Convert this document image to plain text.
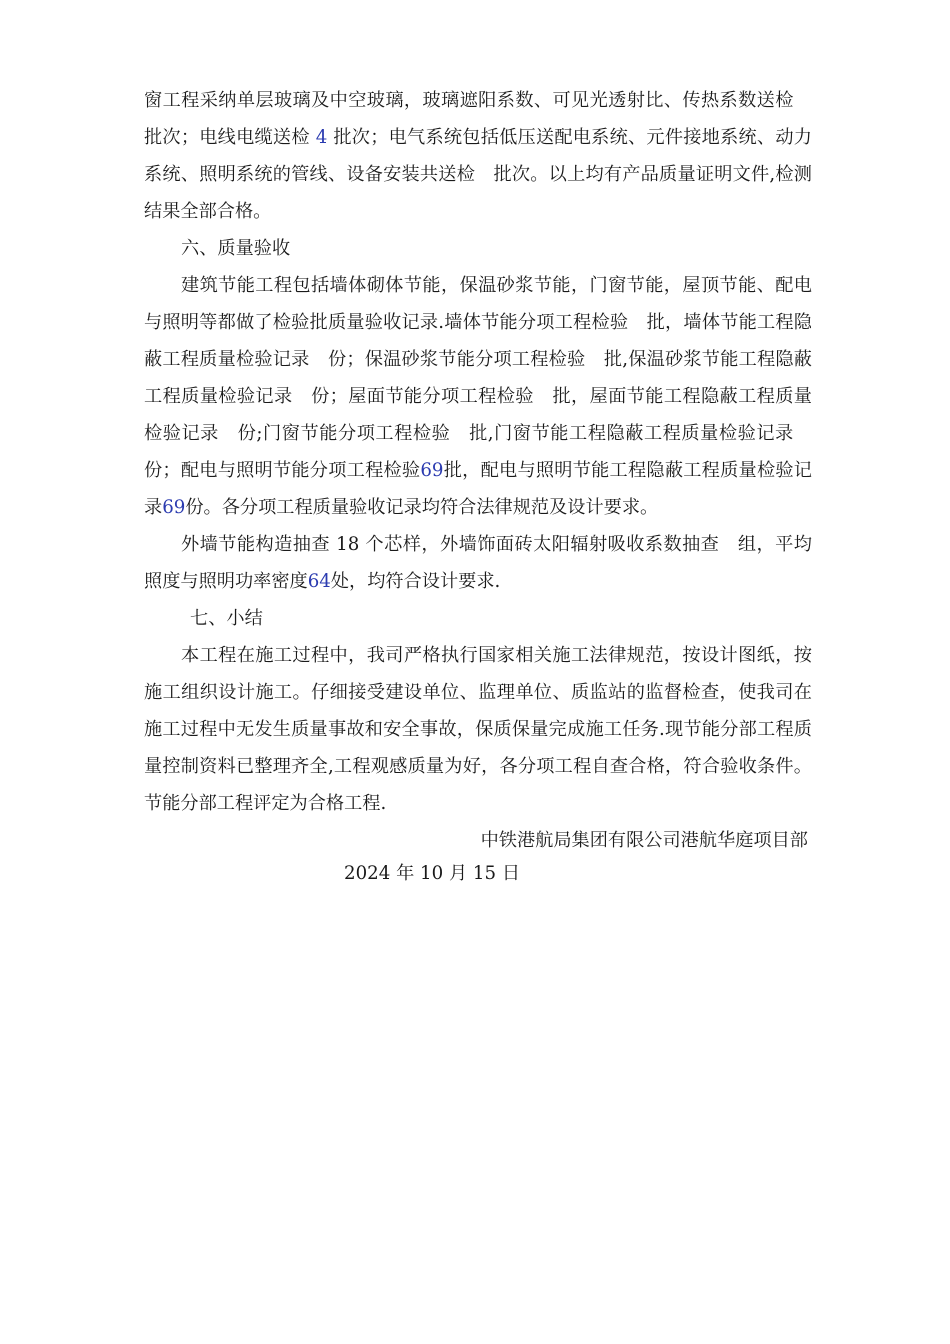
窗工程采纳单层玻璃及中空玻璃，玻璃遮阳系数、可见光透射比、传热系数送检 批次；电线电缆送检 4 批次；电气系统包括低压送配电系统、元件接地系统、动力系统、照明系统的管线、设备安装共送检  批次。以上均有产品质量证明文件,检测结果全部合格。

六、质量验收

建筑节能工程包括墙体砌体节能，保温砂浆节能，门窗节能，屋顶节能、配电与照明等都做了检验批质量验收记录.墙体节能分项工程检验  批，墙体节能工程隐蔽工程质量检验记录  份；保温砂浆节能分项工程检验  批,保温砂浆节能工程隐蔽工程质量检验记录  份；屋面节能分项工程检验  批，屋面节能工程隐蔽工程质量检验记录  份;门窗节能分项工程检验  批,门窗节能工程隐蔽工程质量检验记录 份；配电与照明节能分项工程检验69批，配电与照明节能工程隐蔽工程质量检验记录69份。各分项工程质量验收记录均符合法律规范及设计要求。

外墙节能构造抽查 18 个芯样，外墙饰面砖太阳辐射吸收系数抽查  组，平均照度与照明功率密度64处，均符合设计要求.

七、小结

本工程在施工过程中，我司严格执行国家相关施工法律规范，按设计图纸，按施工组织设计施工。仔细接受建设单位、监理单位、质监站的监督检查，使我司在施工过程中无发生质量事故和安全事故，保质保量完成施工任务.现节能分部工程质量控制资料已整理齐全,工程观感质量为好，各分项工程自查合格，符合验收条件。节能分部工程评定为合格工程.

中铁港航局集团有限公司港航华庭项目部

2024 年 10 月 15 日
